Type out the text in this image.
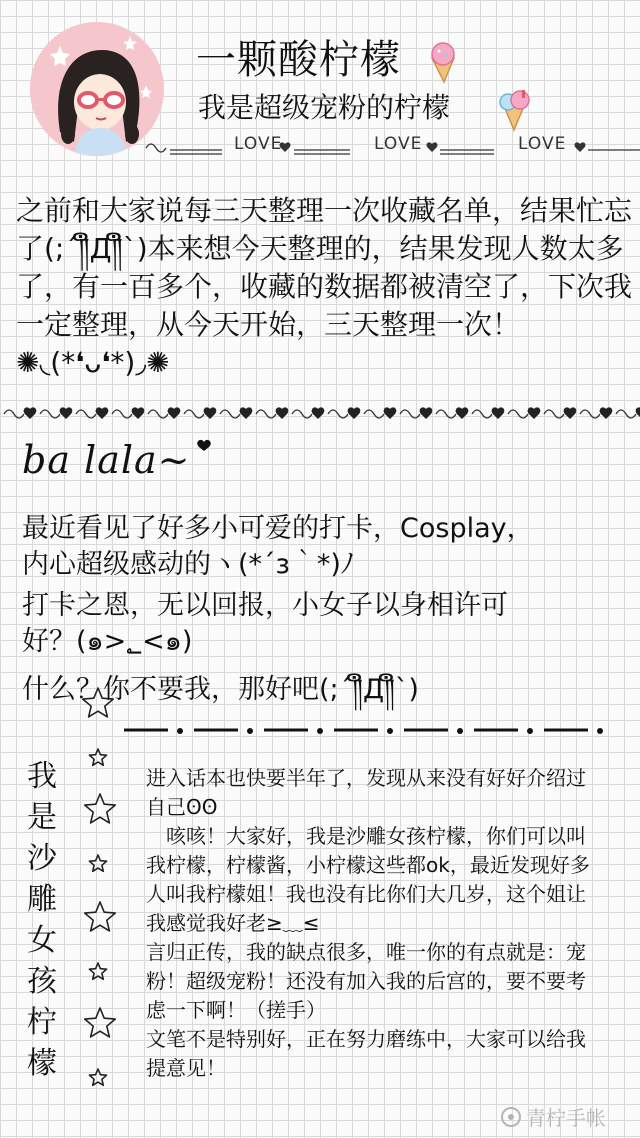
一颗酸柠檬
我是超级宠粉的柠檬
LOVE	LOVE	LOVE
之前和大家说每三天整理一次收藏名单，结果忙忘了(;´༎ຶД༎ຶ`)本来想今天整理的，结果发现人数太多了，有一百多个，收藏的数据都被清空了，下次我一定整理，从今天开始，三天整理一次！ ✺◟(*❛ᴗ❛*)◞✺
ba lala~
最近看见了好多小可爱的打卡，Cosplay，
内心超级感动的ヽ(*´з｀*)ﾉ
打卡之恩，无以回报，小女子以身相许可
好？(๑>؂<๑)
什么？你不要我，那好吧(;´༎ຶД༎ຶ`)
我是沙雕女孩柠檬

进入话本也快要半年了，发现从来没有好好介绍过自己ʘʘ

　咳咳！大家好，我是沙雕女孩柠檬，你们可以叫我柠檬，柠檬酱，小柠檬这些都ok，最近发现好多人叫我柠檬姐！我也没有比你们大几岁，这个姐让我感觉我好老≥﹏≤

言归正传，我的缺点很多，唯一你的有点就是：宠粉！超级宠粉！还没有加入我的后宫的，要不要考虑一下啊！（搓手）

文笔不是特别好，正在努力磨练中，大家可以给我提意见！

青柠手帐
